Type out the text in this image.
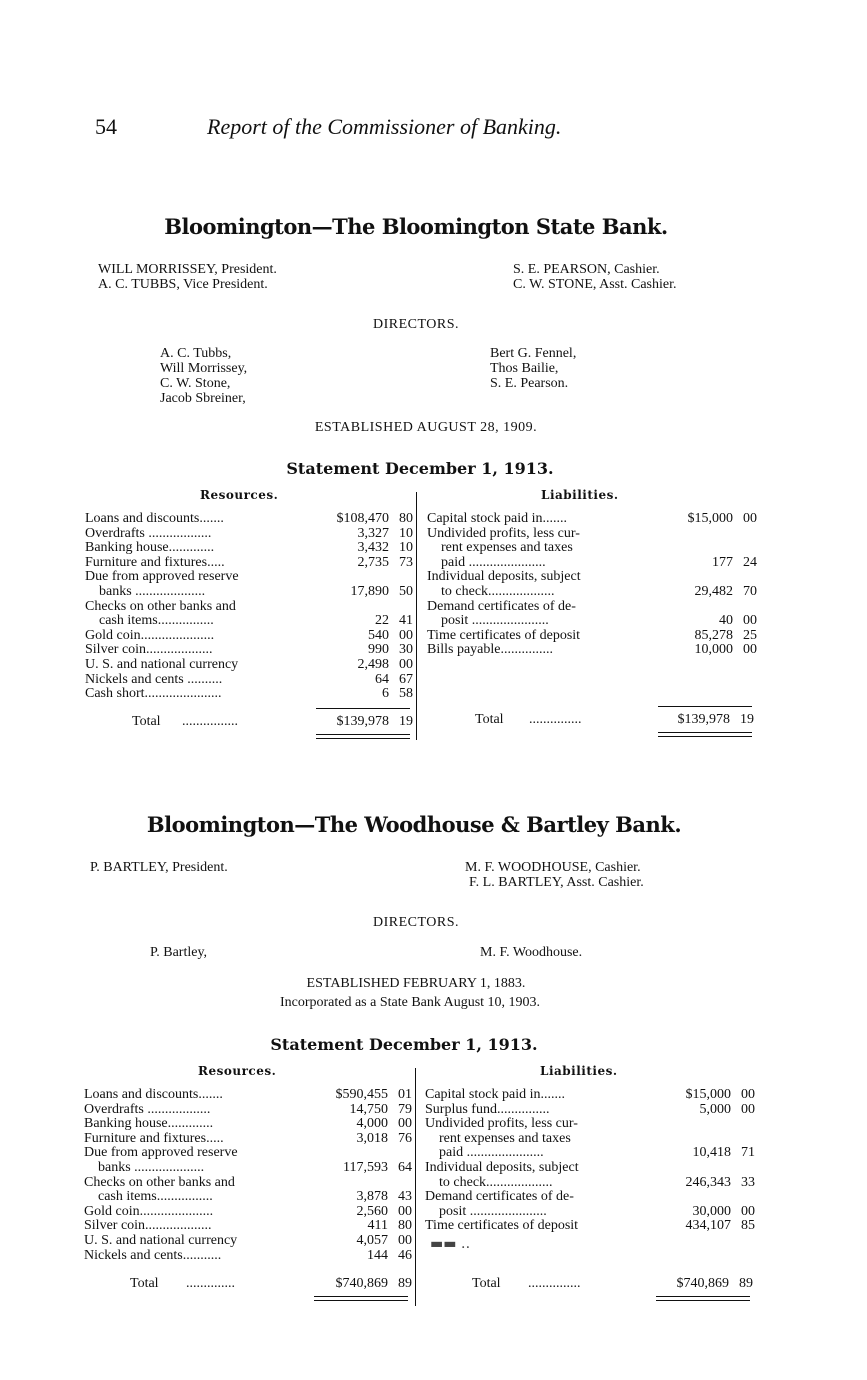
54	Report of the Commissioner of Banking.
Bloomington—The Bloomington State Bank.
WILL MORRISSEY, President.
A. C. TUBBS, Vice President.
S. E. PEARSON, Cashier.
C. W. STONE, Asst. Cashier.
DIRECTORS.
A. C. Tubbs,
Will Morrissey,
C. W. Stone,
Jacob Sbreiner,
Bert G. Fennel,
Thos Bailie,
S. E. Pearson.
ESTABLISHED AUGUST 28, 1909.
Statement December 1, 1913.
Resources.	Liabilities.
Loans and discounts.......	$108,470 80
Overdrafts ..................	3,327 10
Banking house.............	3,432 10
Furniture and fixtures.....	2,735 73
Due from approved reserve
banks ....................	17,890 50
Checks on other banks and
cash items................	22 41
Gold coin.....................	540 00
Silver coin...................	990 30
U. S. and national currency	2,498 00
Nickels and cents ..........	64 67
Cash short......................	6 58
Capital stock paid in.......	$15,000 00
Undivided profits, less cur-
rent expenses and taxes
paid ......................	177 24
Individual deposits, subject
to check...................	29,482 70
Demand certificates of de-
posit ......................	40 00
Time certificates of deposit	85,278 25
Bills payable...............	10,000 00
Total ................	$139,978 19	Total ...............	$139,978 19
Bloomington—The Woodhouse & Bartley Bank.
P. BARTLEY, President.	M. F. WOODHOUSE, Cashier.
F. L. BARTLEY, Asst. Cashier.
DIRECTORS.
P. Bartley,	M. F. Woodhouse.
ESTABLISHED FEBRUARY 1, 1883.
Incorporated as a State Bank August 10, 1903.
Statement December 1, 1913.
Resources.	Liabilities.
Loans and discounts.......	$590,455 01
Overdrafts ..................	14,750 79
Banking house.............	4,000 00
Furniture and fixtures.....	3,018 76
Due from approved reserve
banks ....................	117,593 64
Checks on other banks and
cash items................	3,878 43
Gold coin.....................	2,560 00
Silver coin...................	411 80
U. S. and national currency	4,057 00
Nickels and cents...........	144 46
Capital stock paid in.......	$15,000 00
Surplus fund...............	5,000 00
Undivided profits, less cur-
rent expenses and taxes
paid ......................	10,418 71
Individual deposits, subject
to check...................	246,343 33
Demand certificates of de-
posit ......................	30,000 00
Time certificates of deposit	434,107 85
▬▬ ‥
Total ..............	$740,869 89	Total ...............	$740,869 89
